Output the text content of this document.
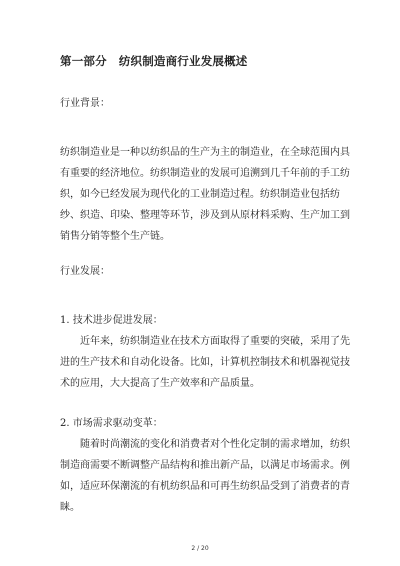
第一部分 纺织制造商行业发展概述
行业背景：
纺织制造业是一种以纺织品的生产为主的制造业，在全球范围内具有重要的经济地位。纺织制造业的发展可追溯到几千年前的手工纺织，如今已经发展为现代化的工业制造过程。纺织制造业包括纺纱、织造、印染、整理等环节，涉及到从原材料采购、生产加工到销售分销等整个生产链。
行业发展：
1. 技术进步促进发展：
近年来，纺织制造业在技术方面取得了重要的突破，采用了先进的生产技术和自动化设备。比如，计算机控制技术和机器视觉技术的应用，大大提高了生产效率和产品质量。
2. 市场需求驱动变革：
随着时尚潮流的变化和消费者对个性化定制的需求增加，纺织制造商需要不断调整产品结构和推出新产品，以满足市场需求。例如，适应环保潮流的有机纺织品和可再生纺织品受到了消费者的青睐。
2 / 20
